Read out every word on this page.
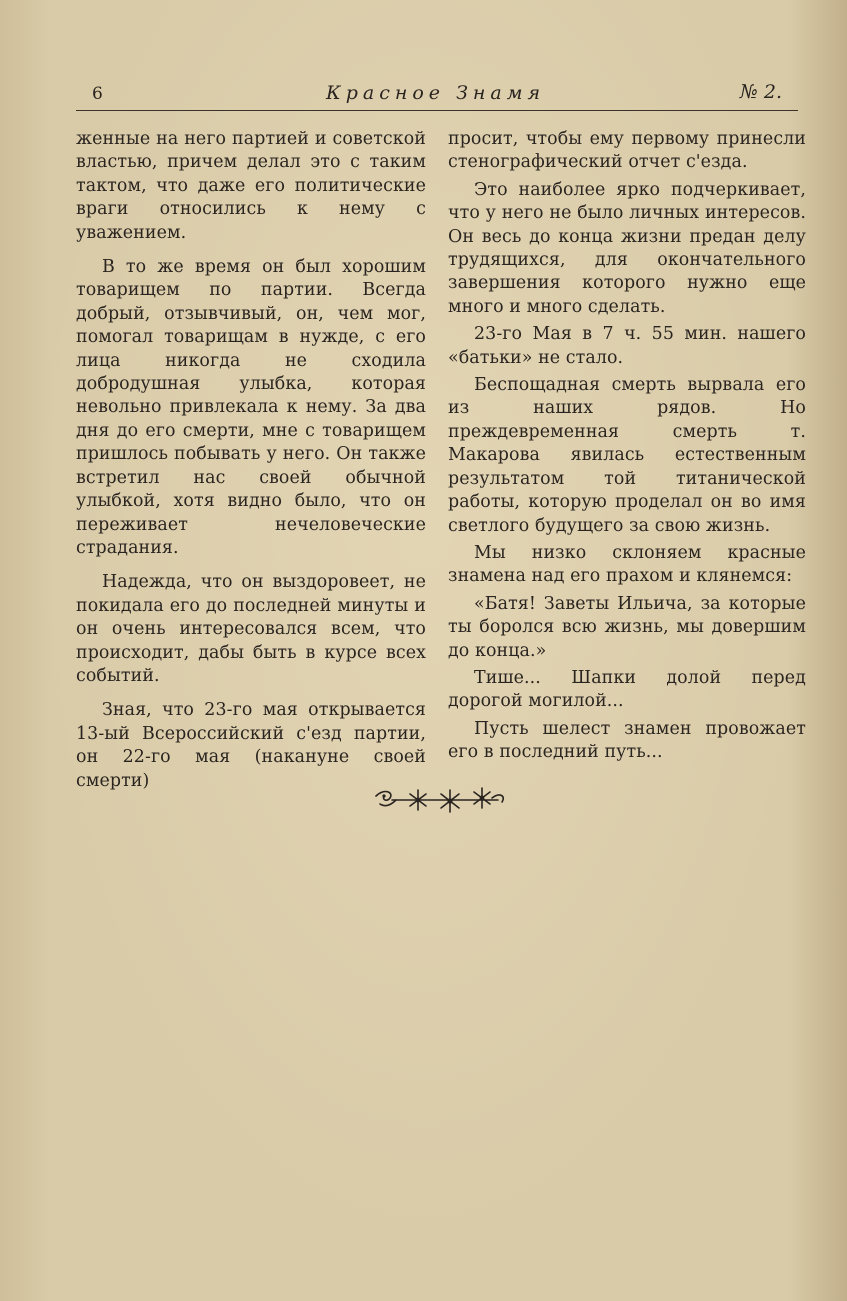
6	Красное Знамя	№ 2.

женные на него партией и советской властью, причем делал это с таким тактом, что даже его политические враги относились к нему с уважением.

В то же время он был хорошим товарищем по партии. Всегда добрый, отзывчивый, он, чем мог, помогал товарищам в нужде, с его лица никогда не сходила добродушная улыбка, которая невольно привлекала к нему. За два дня до его смерти, мне с товарищем пришлось побывать у него. Он также встретил нас своей обычной улыбкой, хотя видно было, что он переживает нечеловеческие страдания.

Надежда, что он выздоровеет, не покидала его до последней минуты и он очень интересовался всем, что происходит, дабы быть в курсе всех событий.

Зная, что 23-го мая открывается 13-ый Всероссийский с'езд партии, он 22-го мая (накануне своей смерти)

просит, чтобы ему первому принесли стенографический отчет с'езда.

Это наиболее ярко подчеркивает, что у него не было личных интересов. Он весь до конца жизни предан делу трудящихся, для окончательного завершения которого нужно еще много и много сделать.

23-го Мая в 7 ч. 55 мин. нашего «батьки» не стало.

Беспощадная смерть вырвала его из наших рядов. Но преждевременная смерть т. Макарова явилась естественным результатом той титанической работы, которую проделал он во имя светлого будущего за свою жизнь.

Мы низко склоняем красные знамена над его прахом и клянемся:

«Батя! Заветы Ильича, за которые ты боролся всю жизнь, мы довершим до конца.»

Тише... Шапки долой перед дорогой могилой...

Пусть шелест знамен провожает его в последний путь...
